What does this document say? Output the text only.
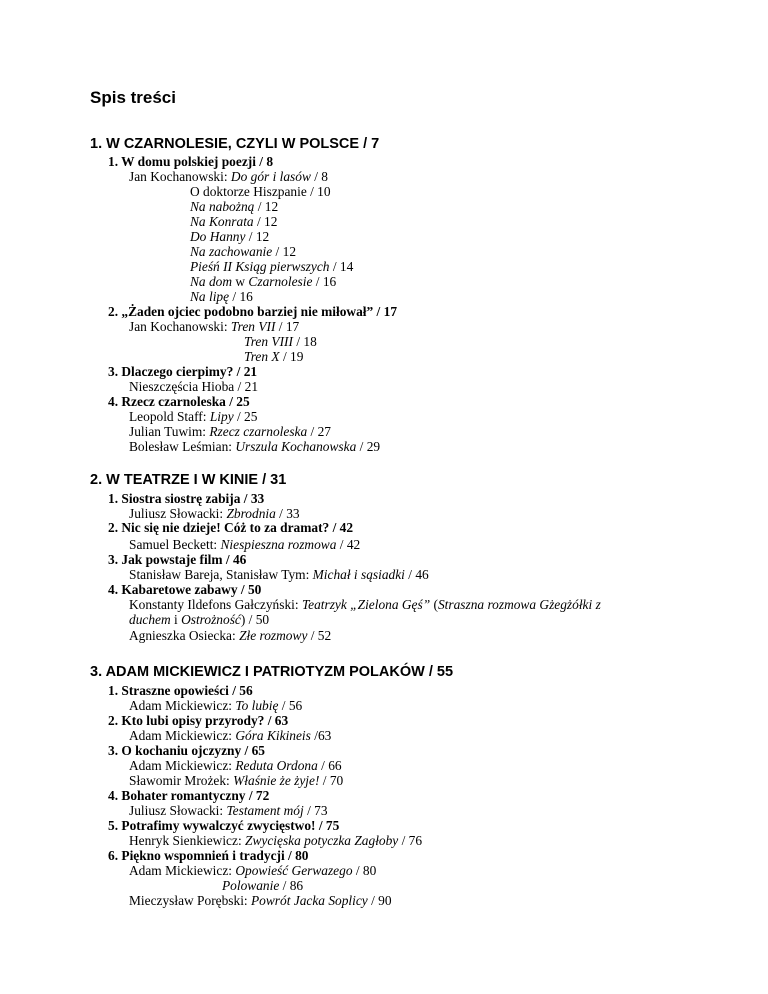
Spis treści
1. W CZARNOLESIE, CZYLI W POLSCE / 7
1. W domu polskiej poezji / 8
Jan Kochanowski: Do gór i lasów / 8
O doktorze Hiszpanie / 10
Na nabożną / 12
Na Konrata / 12
Do Hanny / 12
Na zachowanie / 12
Pieśń II Ksiąg pierwszych / 14
Na dom w Czarnolesie / 16
Na lipę / 16
2. „Żaden ojciec podobno barziej nie miłował” / 17
Jan Kochanowski: Tren VII / 17
Tren VIII / 18
Tren X / 19
3. Dlaczego cierpimy? / 21
Nieszczęścia Hioba / 21
4. Rzecz czarnoleska / 25
Leopold Staff: Lipy / 25
Julian Tuwim: Rzecz czarnoleska / 27
Bolesław Leśmian: Urszula Kochanowska / 29
2. W TEATRZE I W KINIE / 31
1. Siostra siostrę zabija / 33
Juliusz Słowacki: Zbrodnia / 33
2. Nic się nie dzieje! Cóż to za dramat? / 42
Samuel Beckett: Niespieszna rozmowa / 42
3. Jak powstaje film / 46
Stanisław Bareja, Stanisław Tym: Michał i sąsiadki / 46
4. Kabaretowe zabawy / 50
Konstanty Ildefons Gałczyński: Teatrzyk „Zielona Gęś” (Straszna rozmowa Gżegżółki z
duchem i Ostrożność) / 50
Agnieszka Osiecka: Złe rozmowy / 52
3. ADAM MICKIEWICZ I PATRIOTYZM POLAKÓW / 55
1. Straszne opowieści / 56
Adam Mickiewicz: To lubię / 56
2. Kto lubi opisy przyrody? / 63
Adam Mickiewicz: Góra Kikineis /63
3. O kochaniu ojczyzny / 65
Adam Mickiewicz: Reduta Ordona / 66
Sławomir Mrożek: Właśnie że żyje! / 70
4. Bohater romantyczny / 72
Juliusz Słowacki: Testament mój / 73
5. Potrafimy wywalczyć zwycięstwo! / 75
Henryk Sienkiewicz: Zwycięska potyczka Zagłoby / 76
6. Piękno wspomnień i tradycji / 80
Adam Mickiewicz: Opowieść Gerwazego / 80
Polowanie / 86
Mieczysław Porębski: Powrót Jacka Soplicy / 90
